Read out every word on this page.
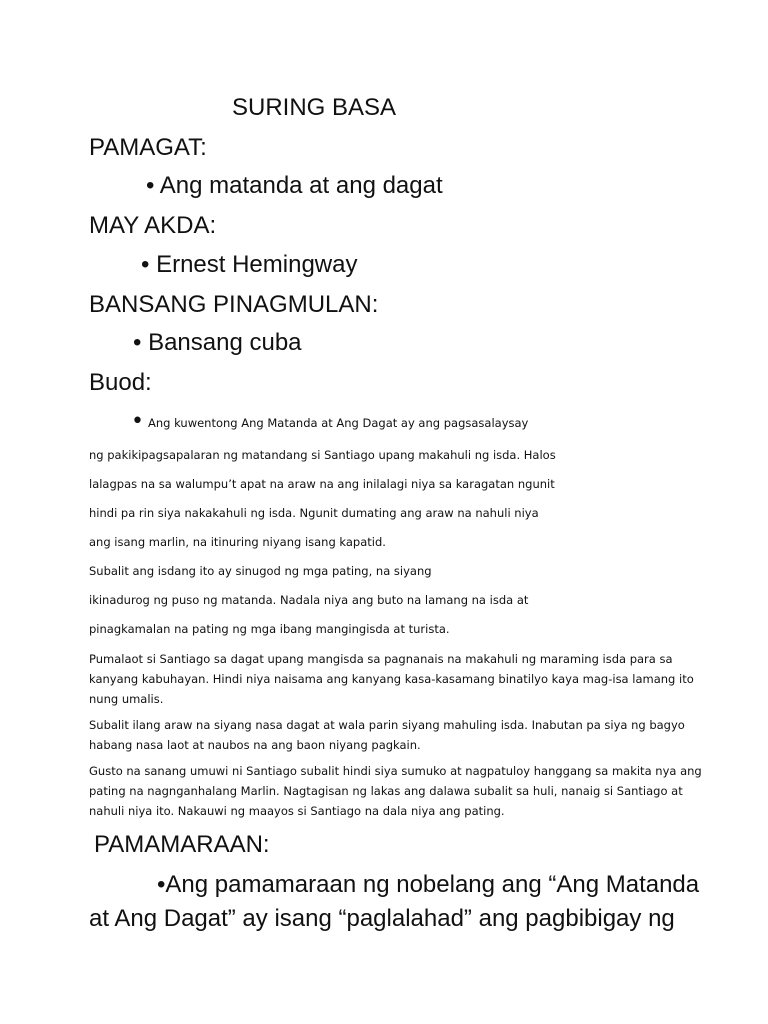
SURING BASA
PAMAGAT:
• Ang matanda at ang dagat
MAY AKDA:
• Ernest Hemingway
BANSANG PINAGMULAN:
• Bansang cuba
Buod:
• Ang kuwentong Ang Matanda at Ang Dagat ay ang pagsasalaysay
ng pakikipagsapalaran ng matandang si Santiago upang makahuli ng isda. Halos
lalagpas na sa walumpu’t apat na araw na ang inilalagi niya sa karagatan ngunit
hindi pa rin siya nakakahuli ng isda. Ngunit dumating ang araw na nahuli niya
ang isang marlin, na itinuring niyang isang kapatid.
Subalit ang isdang ito ay sinugod ng mga pating, na siyang
ikinadurog ng puso ng matanda. Nadala niya ang buto na lamang na isda at
pinagkamalan na pating ng mga ibang mangingisda at turista.
Pumalaot si Santiago sa dagat upang mangisda sa pagnanais na makahuli ng maraming isda para sa
kanyang kabuhayan. Hindi niya naisama ang kanyang kasa-kasamang binatilyo kaya mag-isa lamang ito
nung umalis.
Subalit ilang araw na siyang nasa dagat at wala parin siyang mahuling isda. Inabutan pa siya ng bagyo
habang nasa laot at naubos na ang baon niyang pagkain.
Gusto na sanang umuwi ni Santiago subalit hindi siya sumuko at nagpatuloy hanggang sa makita nya ang
pating na nagnganhalang Marlin. Nagtagisan ng lakas ang dalawa subalit sa huli, nanaig si Santiago at
nahuli niya ito. Nakauwi ng maayos si Santiago na dala niya ang pating.
PAMAMARAAN:
•Ang pamamaraan ng nobelang ang “Ang Matanda
at Ang Dagat” ay isang “paglalahad” ang pagbibigay ng
